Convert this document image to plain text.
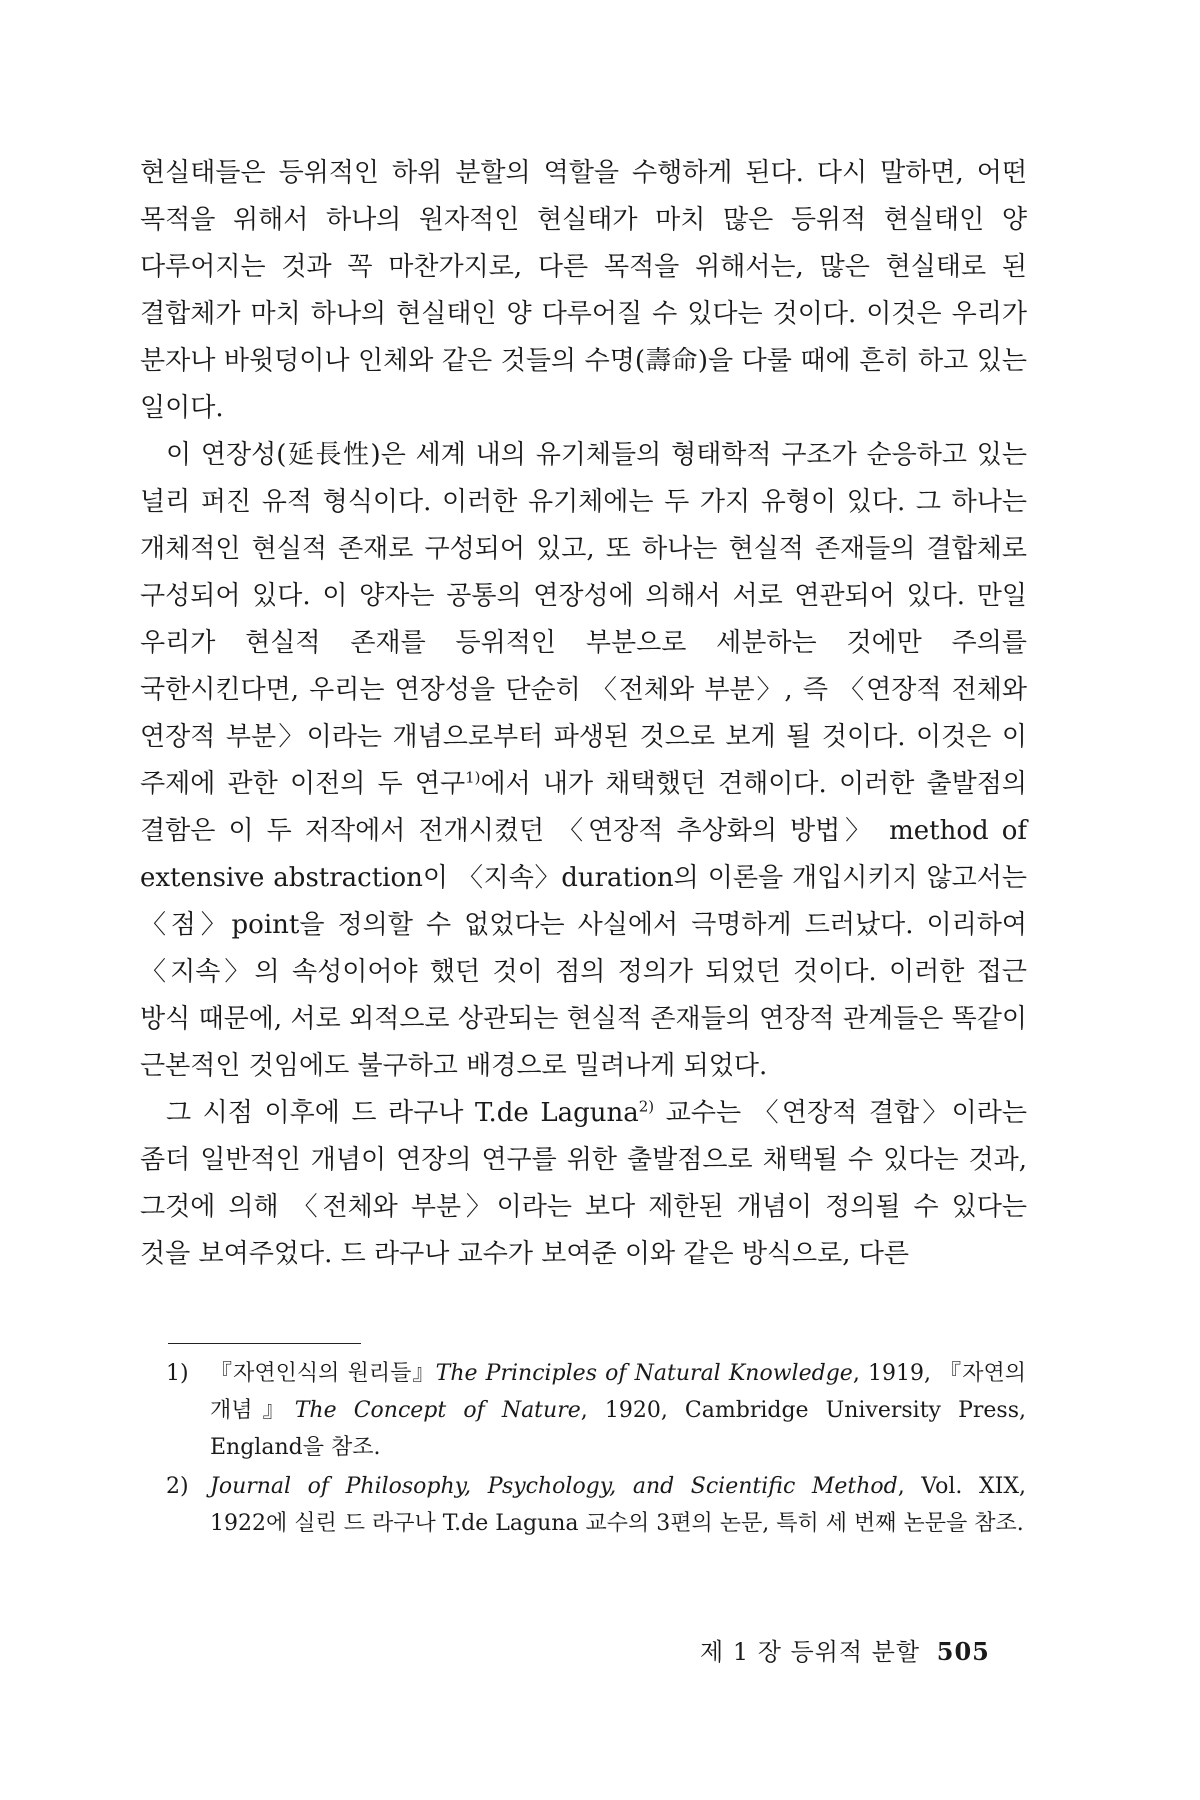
현실태들은 등위적인 하위 분할의 역할을 수행하게 된다. 다시 말하면, 어떤 목적을 위해서 하나의 원자적인 현실태가 마치 많은 등위적 현실태인 양 다루어지는 것과 꼭 마찬가지로, 다른 목적을 위해서는, 많은 현실태로 된 결합체가 마치 하나의 현실태인 양 다루어질 수 있다는 것이다. 이것은 우리가 분자나 바윗덩이나 인체와 같은 것들의 수명(壽命)을 다룰 때에 흔히 하고 있는 일이다.

이 연장성(延長性)은 세계 내의 유기체들의 형태학적 구조가 순응하고 있는 널리 퍼진 유적 형식이다. 이러한 유기체에는 두 가지 유형이 있다. 그 하나는 개체적인 현실적 존재로 구성되어 있고, 또 하나는 현실적 존재들의 결합체로 구성되어 있다. 이 양자는 공통의 연장성에 의해서 서로 연관되어 있다. 만일 우리가 현실적 존재를 등위적인 부분으로 세분하는 것에만 주의를 국한시킨다면, 우리는 연장성을 단순히 〈전체와 부분〉, 즉 〈연장적 전체와 연장적 부분〉이라는 개념으로부터 파생된 것으로 보게 될 것이다. 이것은 이 주제에 관한 이전의 두 연구$^{1)}$에서 내가 채택했던 견해이다. 이러한 출발점의 결함은 이 두 저작에서 전개시켰던 〈연장적 추상화의 방법〉 method of extensive abstraction이 〈지속〉duration의 이론을 개입시키지 않고서는 〈점〉point을 정의할 수 없었다는 사실에서 극명하게 드러났다. 이리하여 〈지속〉의 속성이어야 했던 것이 점의 정의가 되었던 것이다. 이러한 접근 방식 때문에, 서로 외적으로 상관되는 현실적 존재들의 연장적 관계들은 똑같이 근본적인 것임에도 불구하고 배경으로 밀려나게 되었다.

그 시점 이후에 드 라구나 T.de Laguna$^{2)}$ 교수는 〈연장적 결합〉이라는 좀더 일반적인 개념이 연장의 연구를 위한 출발점으로 채택될 수 있다는 것과, 그것에 의해 〈전체와 부분〉이라는 보다 제한된 개념이 정의될 수 있다는 것을 보여주었다. 드 라구나 교수가 보여준 이와 같은 방식으로, 다른

1) 『자연인식의 원리들』The Principles of Natural Knowledge, 1919, 『자연의 개념』The Concept of Nature, 1920, Cambridge University Press, England을 참조.

2) Journal of Philosophy, Psychology, and Scientific Method, Vol. XIX, 1922에 실린 드 라구나 T.de Laguna 교수의 3편의 논문, 특히 세 번째 논문을 참조.

제 1 장 등위적 분할 505
